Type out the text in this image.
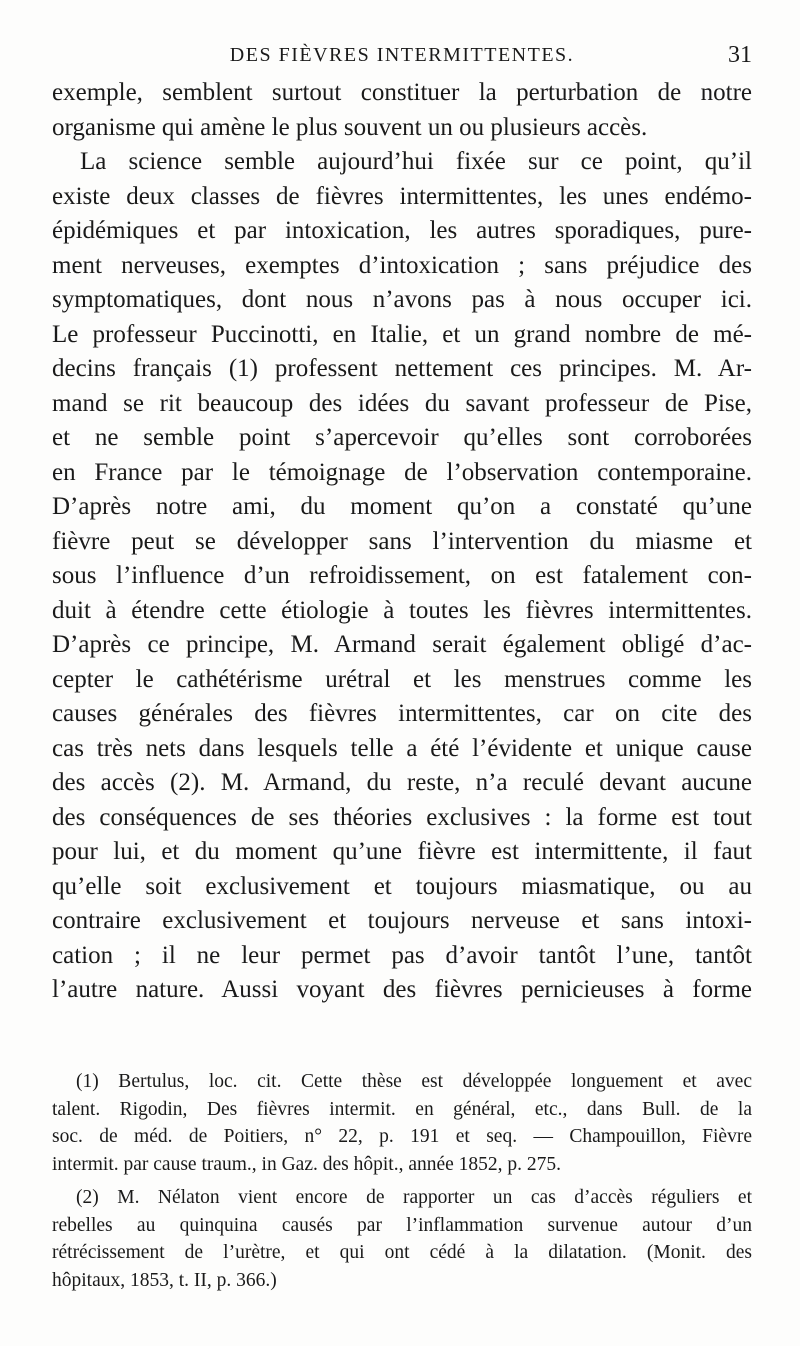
DES FIÈVRES INTERMITTENTES.	31
exemple, semblent surtout constituer la perturbation de notre
organisme qui amène le plus souvent un ou plusieurs accès.
La science semble aujourd’hui fixée sur ce point, qu’il
existe deux classes de fièvres intermittentes, les unes endémo-
épidémiques et par intoxication, les autres sporadiques, pure-
ment nerveuses, exemptes d’intoxication ; sans préjudice des
symptomatiques, dont nous n’avons pas à nous occuper ici.
Le professeur Puccinotti, en Italie, et un grand nombre de mé-
decins français (1) professent nettement ces principes. M. Ar-
mand se rit beaucoup des idées du savant professeur de Pise,
et ne semble point s’apercevoir qu’elles sont corroborées
en France par le témoignage de l’observation contemporaine.
D’après notre ami, du moment qu’on a constaté qu’une
fièvre peut se développer sans l’intervention du miasme et
sous l’influence d’un refroidissement, on est fatalement con-
duit à étendre cette étiologie à toutes les fièvres intermittentes.
D’après ce principe, M. Armand serait également obligé d’ac-
cepter le cathétérisme urétral et les menstrues comme les
causes générales des fièvres intermittentes, car on cite des
cas très nets dans lesquels telle a été l’évidente et unique cause
des accès (2). M. Armand, du reste, n’a reculé devant aucune
des conséquences de ses théories exclusives : la forme est tout
pour lui, et du moment qu’une fièvre est intermittente, il faut
qu’elle soit exclusivement et toujours miasmatique, ou au
contraire exclusivement et toujours nerveuse et sans intoxi-
cation ; il ne leur permet pas d’avoir tantôt l’une, tantôt
l’autre nature. Aussi voyant des fièvres pernicieuses à forme
(1) Bertulus, loc. cit. Cette thèse est développée longuement et avec
talent. Rigodin, Des fièvres intermit. en général, etc., dans Bull. de la
soc. de méd. de Poitiers, n° 22, p. 191 et seq. — Champouillon, Fièvre
intermit. par cause traum., in Gaz. des hôpit., année 1852, p. 275.
(2) M. Nélaton vient encore de rapporter un cas d’accès réguliers et
rebelles au quinquina causés par l’inflammation survenue autour d’un
rétrécissement de l’urètre, et qui ont cédé à la dilatation. (Monit. des
hôpitaux, 1853, t. II, p. 366.)
